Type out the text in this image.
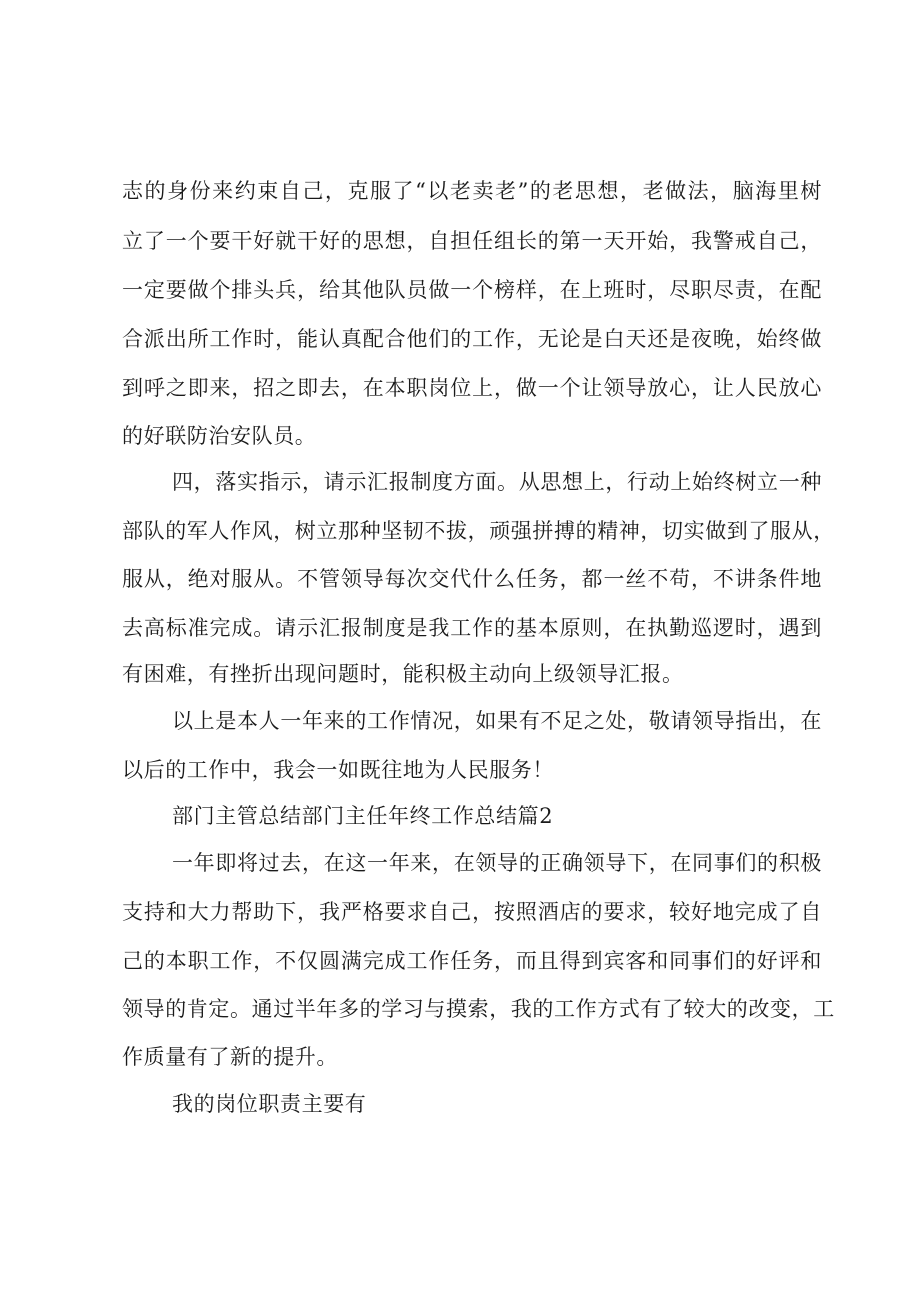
志的身份来约束自己，克服了“以老卖老”的老思想，老做法，脑海里树
立了一个要干好就干好的思想，自担任组长的第一天开始，我警戒自己，
一定要做个排头兵，给其他队员做一个榜样，在上班时，尽职尽责，在配
合派出所工作时，能认真配合他们的工作，无论是白天还是夜晚，始终做
到呼之即来，招之即去，在本职岗位上，做一个让领导放心，让人民放心
的好联防治安队员。
四，落实指示，请示汇报制度方面。从思想上，行动上始终树立一种
部队的军人作风，树立那种坚韧不拔，顽强拼搏的精神，切实做到了服从，
服从，绝对服从。不管领导每次交代什么任务，都一丝不苟，不讲条件地
去高标准完成。请示汇报制度是我工作的基本原则，在执勤巡逻时，遇到
有困难，有挫折出现问题时，能积极主动向上级领导汇报。
以上是本人一年来的工作情况，如果有不足之处，敬请领导指出，在
以后的工作中，我会一如既往地为人民服务！
部门主管总结部门主任年终工作总结篇2
一年即将过去，在这一年来，在领导的正确领导下，在同事们的积极
支持和大力帮助下，我严格要求自己，按照酒店的要求，较好地完成了自
己的本职工作，不仅圆满完成工作任务，而且得到宾客和同事们的好评和
领导的肯定。通过半年多的学习与摸索，我的工作方式有了较大的改变，工
作质量有了新的提升。
我的岗位职责主要有
